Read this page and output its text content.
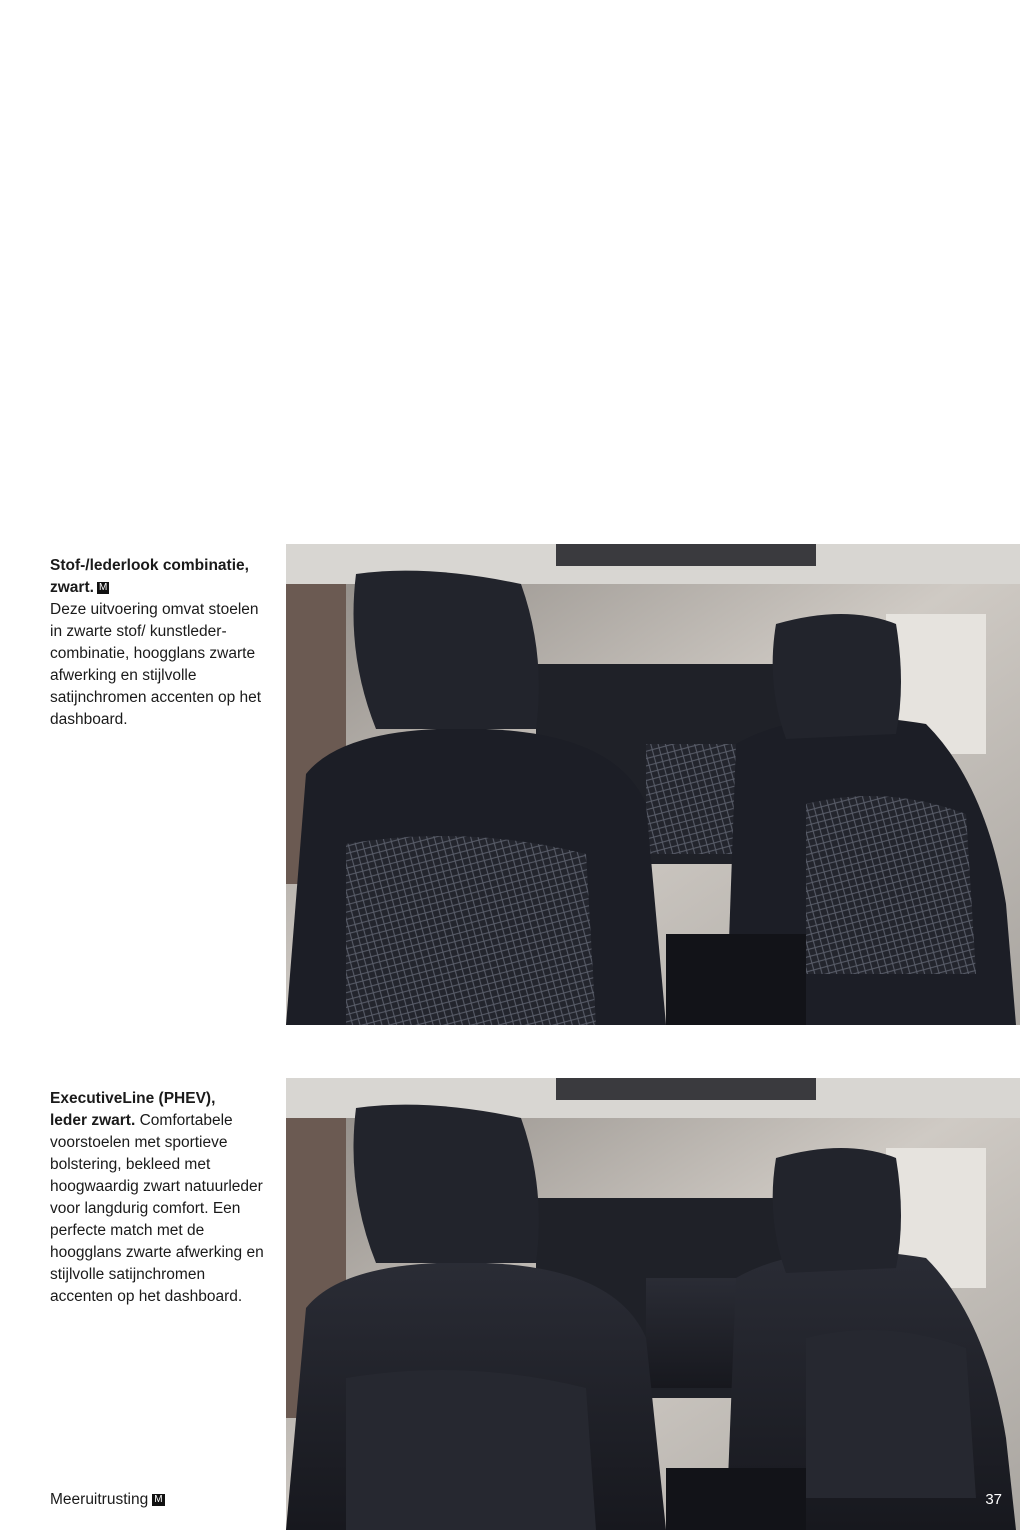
Stof-/lederlook combinatie,
zwart. M
Deze uitvoering omvat stoelen in zwarte stof/ kunstleder-combinatie, hoogglans zwarte afwerking en stijlvolle satijnchromen accenten op het dashboard.
ExecutiveLine (PHEV),
leder zwart. Comfortabele voorstoelen met sportieve bolstering, bekleed met hoogwaardig zwart natuurleder voor langdurig comfort. Een perfecte match met de hoogglans zwarte afwerking en stijlvolle satijnchromen accenten op het dashboard.
Meeruitrusting M	37
